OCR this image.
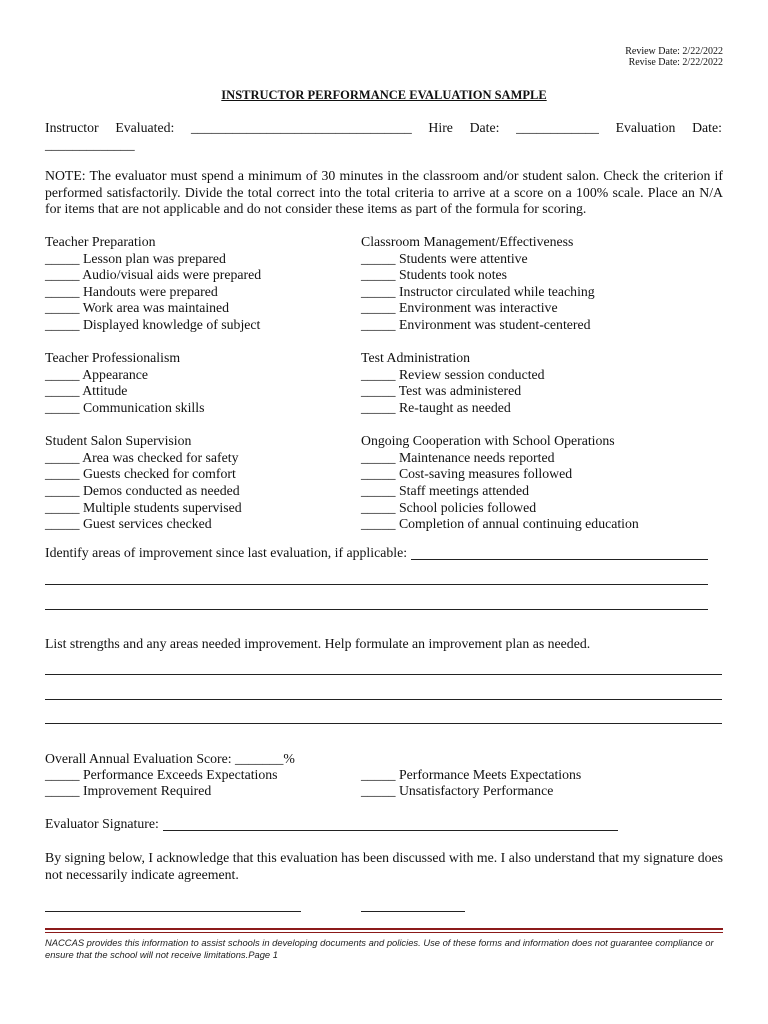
Review Date: 2/22/2022
Revise Date: 2/22/2022
INSTRUCTOR PERFORMANCE EVALUATION SAMPLE
Instructor Evaluated: ________________________________ Hire Date: ____________ Evaluation Date:
_____________
NOTE: The evaluator must spend a minimum of 30 minutes in the classroom and/or student salon. Check the criterion if performed satisfactorily. Divide the total correct into the total criteria to arrive at a score on a 100% scale. Place an N/A for items that are not applicable and do not consider these items as part of the formula for scoring.
Teacher Preparation
_____ Lesson plan was prepared
_____ Audio/visual aids were prepared
_____ Handouts were prepared
_____ Work area was maintained
_____ Displayed knowledge of subject
Teacher Professionalism
_____ Appearance
_____ Attitude
_____ Communication skills
Student Salon Supervision
_____ Area was checked for safety
_____ Guests checked for comfort
_____ Demos conducted as needed
_____ Multiple students supervised
_____ Guest services checked
Classroom Management/Effectiveness
_____ Students were attentive
_____ Students took notes
_____ Instructor circulated while teaching
_____ Environment was interactive
_____ Environment was student-centered
Test Administration
_____ Review session conducted
_____ Test was administered
_____ Re-taught as needed
Ongoing Cooperation with School Operations
_____ Maintenance needs reported
_____ Cost-saving measures followed
_____ Staff meetings attended
_____ School policies followed
_____ Completion of annual continuing education
Identify areas of improvement since last evaluation, if applicable:
List strengths and any areas needed improvement. Help formulate an improvement plan as needed.
Overall Annual Evaluation Score: _______%
_____ Performance Exceeds Expectations	_____ Performance Meets Expectations
_____ Improvement Required	_____ Unsatisfactory Performance
Evaluator Signature:
By signing below, I acknowledge that this evaluation has been discussed with me. I also understand that my signature does not necessarily indicate agreement.
NACCAS provides this information to assist schools in developing documents and policies. Use of these forms and information does not guarantee compliance or ensure that the school will not receive limitations.Page 1
